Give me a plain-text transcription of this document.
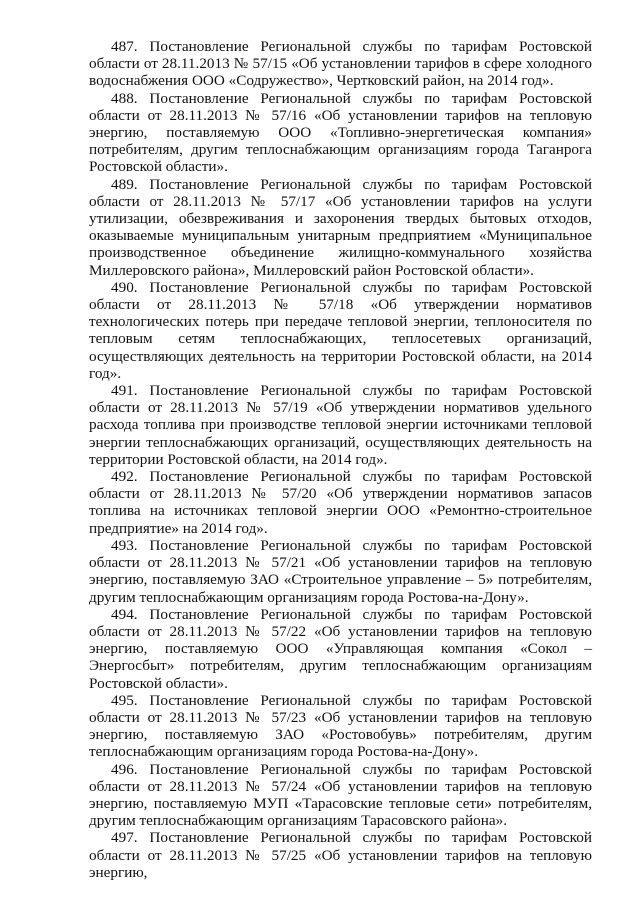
487. Постановление Региональной службы по тарифам Ростовской области от 28.11.2013 № 57/15 «Об установлении тарифов в сфере холодного водоснабжения ООО «Содружество», Чертковский район, на 2014 год».

488. Постановление Региональной службы по тарифам Ростовской области от 28.11.2013 № 57/16 «Об установлении тарифов на тепловую энергию, поставляемую ООО «Топливно-энергетическая компания» потребителям, другим теплоснабжающим организациям города Таганрога Ростовской области».

489. Постановление Региональной службы по тарифам Ростовской области от 28.11.2013 № 57/17 «Об установлении тарифов на услуги утилизации, обезвреживания и захоронения твердых бытовых отходов, оказываемые муниципальным унитарным предприятием «Муниципальное производственное объединение жилищно-коммунального хозяйства Миллеровского района», Миллеровский район Ростовской области».

490. Постановление Региональной службы по тарифам Ростовской области от 28.11.2013 № 57/18 «Об утверждении нормативов технологических потерь при передаче тепловой энергии, теплоносителя по тепловым сетям теплоснабжающих, теплосетевых организаций, осуществляющих деятельность на территории Ростовской области, на 2014 год».

491. Постановление Региональной службы по тарифам Ростовской области от 28.11.2013 № 57/19 «Об утверждении нормативов удельного расхода топлива при производстве тепловой энергии источниками тепловой энергии теплоснабжающих организаций, осуществляющих деятельность на территории Ростовской области, на 2014 год».

492. Постановление Региональной службы по тарифам Ростовской области от 28.11.2013 № 57/20 «Об утверждении нормативов запасов топлива на источниках тепловой энергии ООО «Ремонтно-строительное предприятие» на 2014 год».

493. Постановление Региональной службы по тарифам Ростовской области от 28.11.2013 № 57/21 «Об установлении тарифов на тепловую энергию, поставляемую ЗАО «Строительное управление – 5» потребителям, другим теплоснабжающим организациям города Ростова-на-Дону».

494. Постановление Региональной службы по тарифам Ростовской области от 28.11.2013 № 57/22 «Об установлении тарифов на тепловую энергию, поставляемую ООО «Управляющая компания «Сокол – Энергосбыт» потребителям, другим теплоснабжающим организациям Ростовской области».

495. Постановление Региональной службы по тарифам Ростовской области от 28.11.2013 № 57/23 «Об установлении тарифов на тепловую энергию, поставляемую ЗАО «Ростовобувь» потребителям, другим теплоснабжающим организациям города Ростова-на-Дону».

496. Постановление Региональной службы по тарифам Ростовской области от 28.11.2013 № 57/24 «Об установлении тарифов на тепловую энергию, поставляемую МУП «Тарасовские тепловые сети» потребителям, другим теплоснабжающим организациям Тарасовского района».

497. Постановление Региональной службы по тарифам Ростовской области от 28.11.2013 № 57/25 «Об установлении тарифов на тепловую энергию,
